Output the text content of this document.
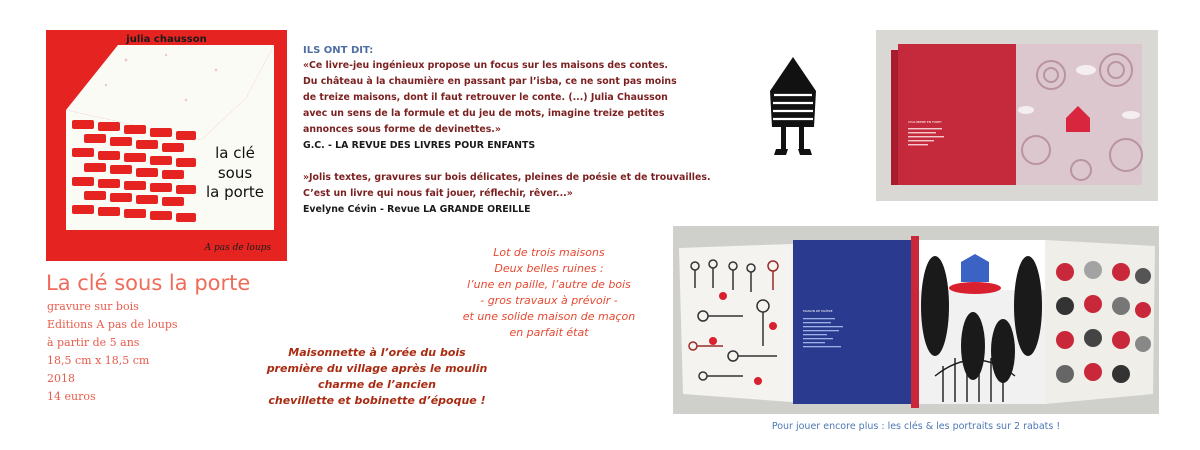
julia chausson
la clé
sous
la porte
A pas de loups
La clé sous la porte
gravure sur bois
Editions A pas de loups
à partir de 5 ans
18,5 cm x 18,5 cm
2018
14 euros
ILS ONT DIT:
«Ce livre-jeu ingénieux propose un focus sur les maisons des contes.
Du château à la chaumière en passant par l’isba, ce ne sont pas moins
de treize maisons, dont il faut retrouver le conte. (...) Julia Chausson
avec un sens de la formule et du jeu de mots, imagine treize petites
annonces sous forme de devinettes.»
G.C. - LA REVUE DES LIVRES POUR ENFANTS
»Jolis textes, gravures sur bois délicates, pleines de poésie et de trouvailles.
C’est un livre qui nous fait jouer, réflechir, rêver...»
Evelyne Cévin - Revue LA GRANDE OREILLE
Lot de trois maisons
Deux belles ruines :
l’une en paille, l’autre de bois
- gros travaux à prévoir -
et une solide maison de maçon
en parfait état
Maisonnette à l’orée du bois
première du village après le moulin
charme de l’ancien
chevillette et bobinette d’époque !
CHAUMIERE EN FORET
MAISON DE MAÎTRE
Pour jouer encore plus : les clés & les portraits sur 2 rabats !
